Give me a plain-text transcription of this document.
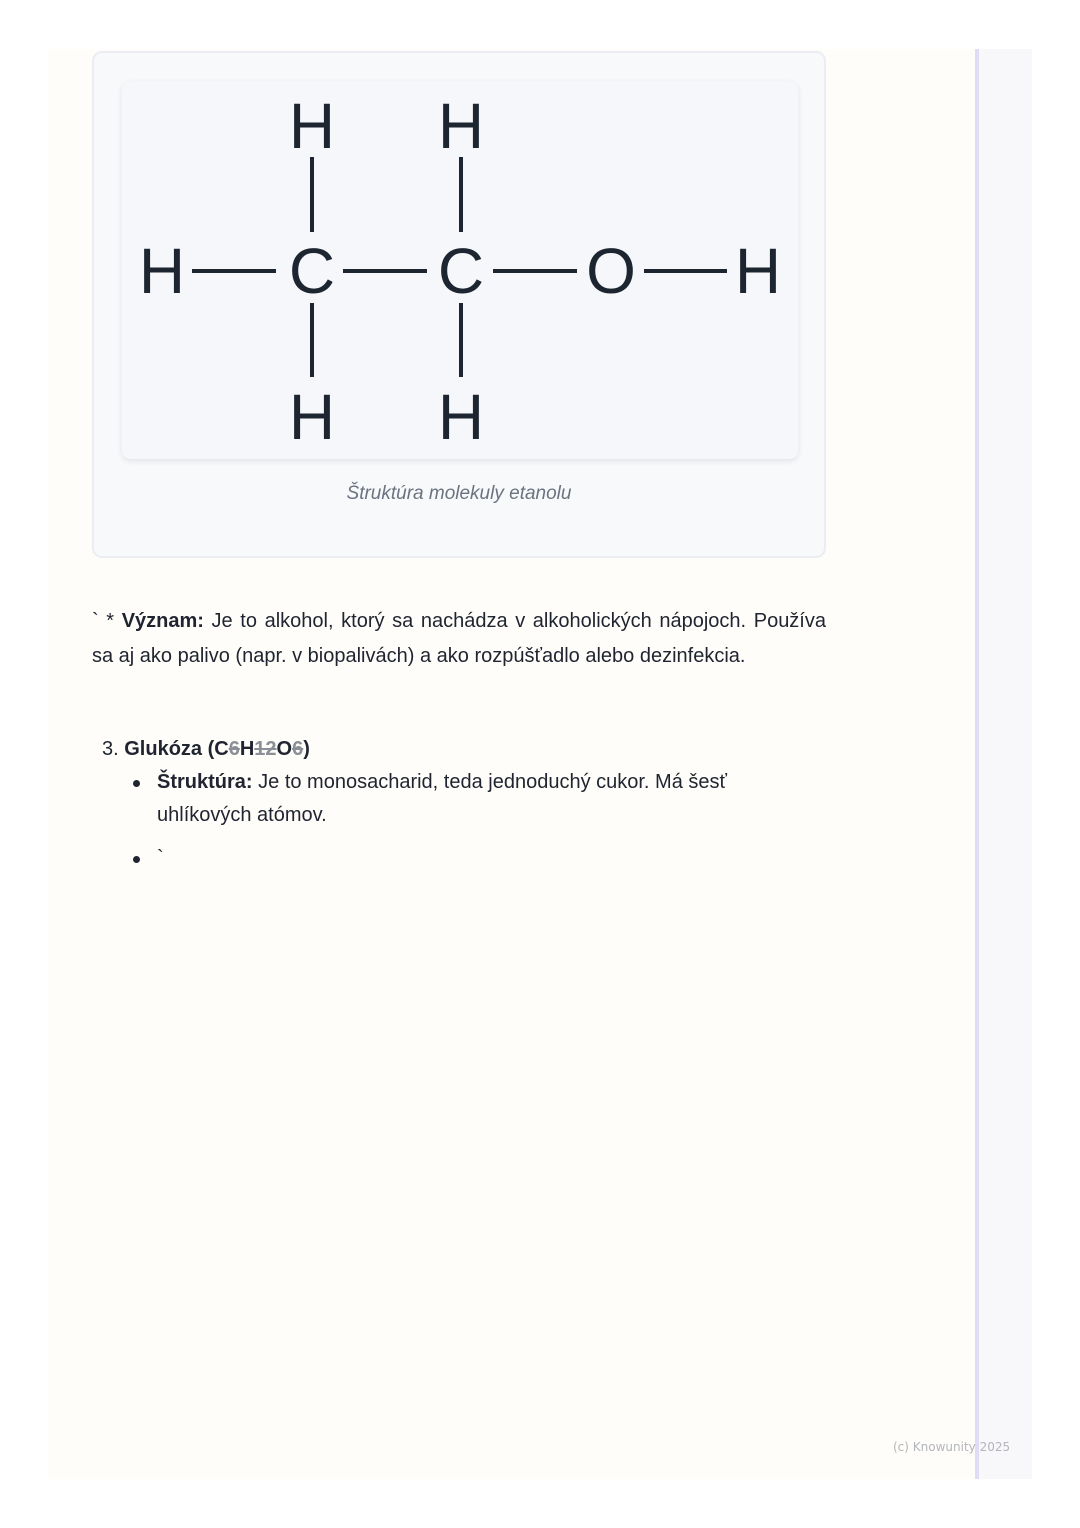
H H
H C C O H
H H
Štruktúra molekuly etanolu
` * Význam: Je to alkohol, ktorý sa nachádza v alkoholických nápojoch. Používa sa aj ako palivo (napr. v biopalivách) a ako rozpúšťadlo alebo dezinfekcia.
3. Glukóza (C6H12O6)
Štruktúra: Je to monosacharid, teda jednoduchý cukor. Má šesť uhlíkových atómov.
`
(c) Knowunity 2025
